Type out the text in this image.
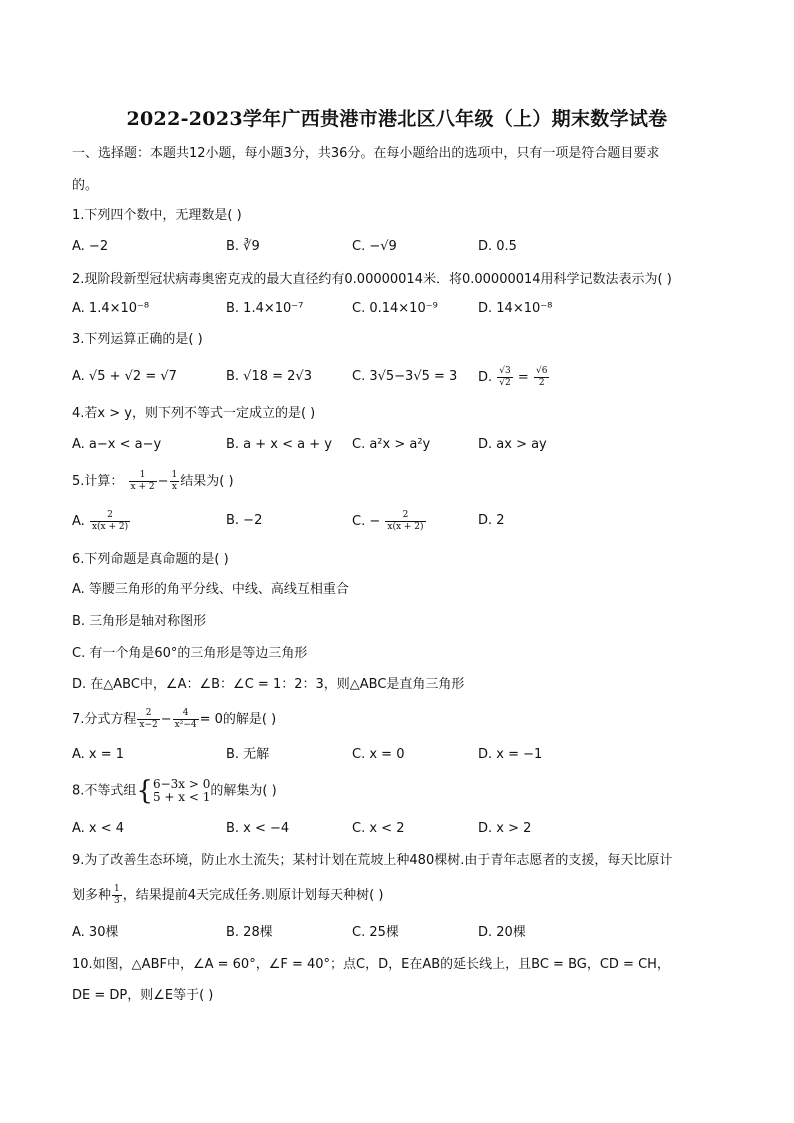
2022-2023学年广西贵港市港北区八年级（上）期末数学试卷
一、选择题：本题共12小题，每小题3分，共36分。在每小题给出的选项中，只有一项是符合题目要求
的。
1.下列四个数中，无理数是( )
A. −2	B. ∛9	C. −√9	D. 0.5
2.现阶段新型冠状病毒奥密克戎的最大直径约有0.00000014米．将0.00000014用科学记数法表示为( )
A. 1.4×10⁻⁸	B. 1.4×10⁻⁷	C. 0.14×10⁻⁹	D. 14×10⁻⁸
3.下列运算正确的是( )
A. √5 + √2 = √7	B. √18 = 2√3	C. 3√5−3√5 = 3 D. $\frac{√3}{√2} = \frac{√6}{2}$
4.若x > y，则下列不等式一定成立的是( )
A. a−x < a−y	B. a + x < a + y C. a²x > a²y	D. ax > ay
5.计算： $\frac{1}{x + 2} - \frac{1}{x}$ 结果为( )
A. $\frac{2}{x(x + 2)}$	B. −2	C. − $\frac{2}{x(x + 2)}$	D. 2
6.下列命题是真命题的是( )
A. 等腰三角形的角平分线、中线、高线互相重合
B. 三角形是轴对称图形
C. 有一个角是60°的三角形是等边三角形
D. 在△ABC中，∠A：∠B：∠C = 1：2：3，则△ABC是直角三角形
7.分式方程 $\frac{2}{x-2} - \frac{4}{\text{x²−4}} = 0$的解是( )
A. x = 1	B. 无解	C. x = 0	D. x = −1
8.不等式组{ 6−3x > 0
5 + x < 1 的解集为( )
A. x < 4	B. x < −4	C. x < 2	D. x > 2
9.为了改善生态环境，防止水土流失；某村计划在荒坡上种480棵树.由于青年志愿者的支援，每天比原计
划多种 $\frac{1}{3}$ ，结果提前4天完成任务.则原计划每天种树( )
A. 30棵	B. 28棵	C. 25棵	D. 20棵
10.如图，△ABF中，∠A = 60°，∠F = 40°；点C，D，E在AB的延长线上，且BC = BG，CD = CH，
DE = DP，则∠E等于( )
